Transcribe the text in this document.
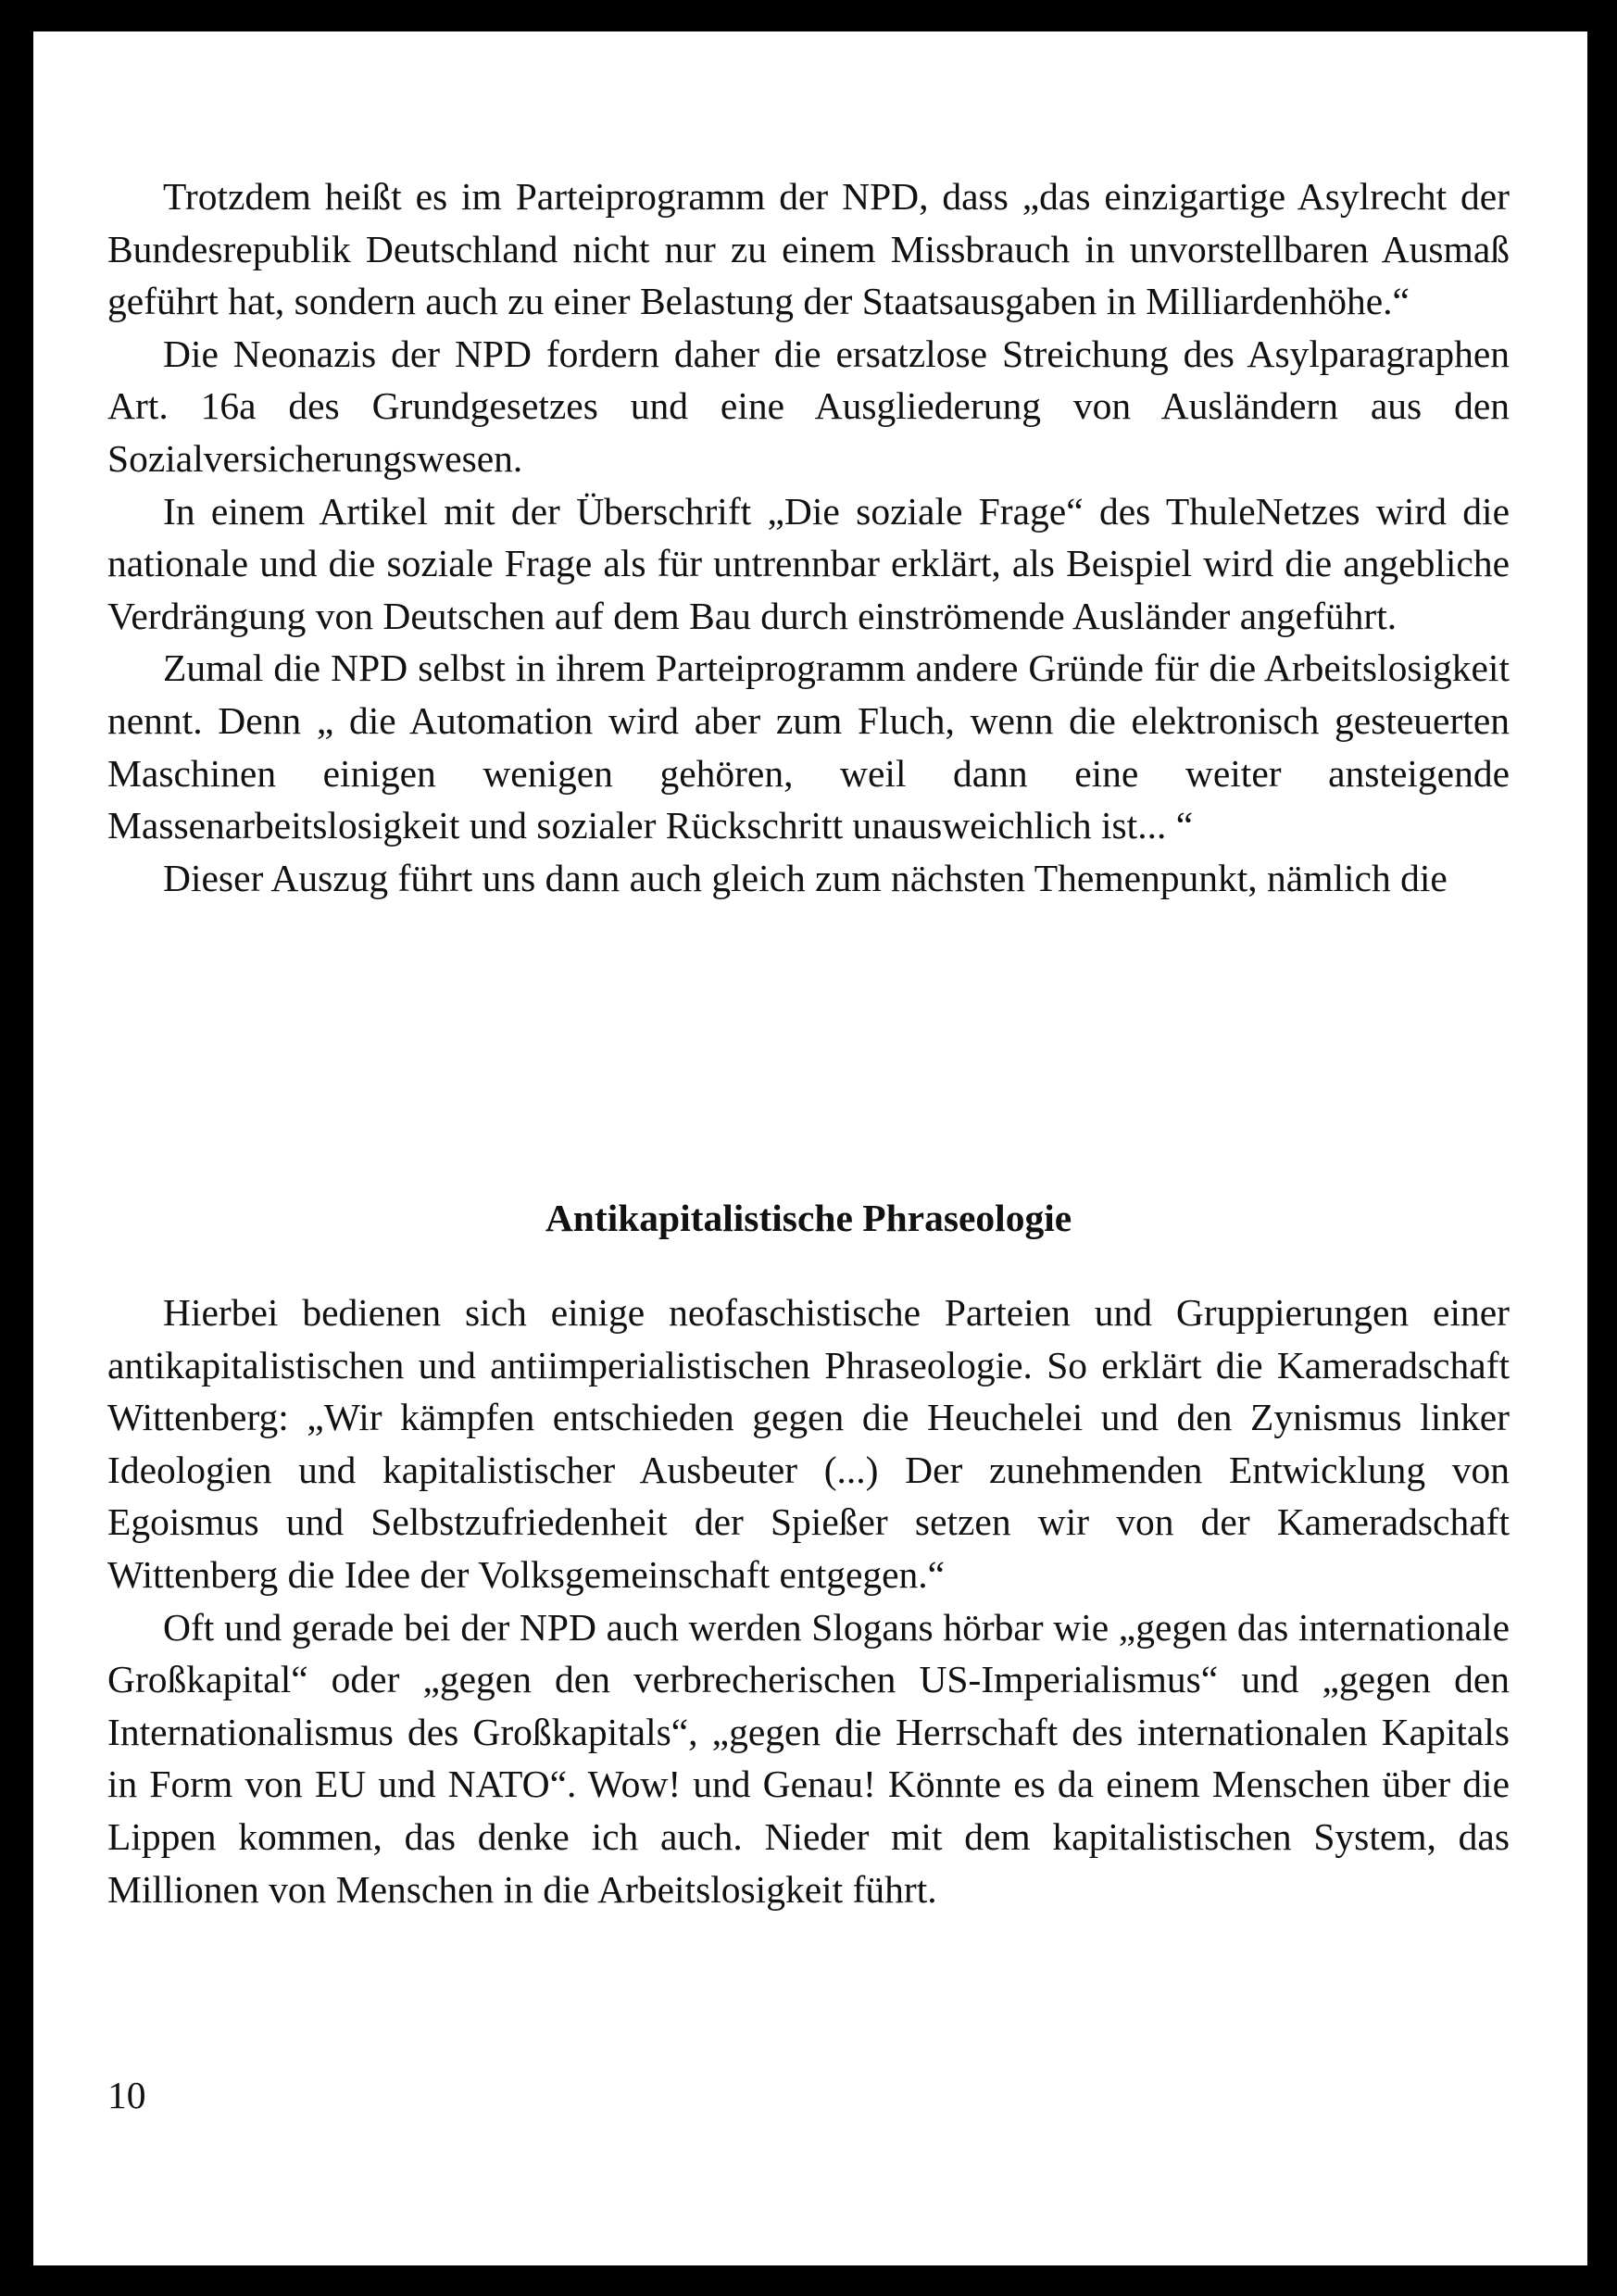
Trotzdem heißt es im Parteiprogramm der NPD, dass „das einzigartige Asylrecht der Bundesrepublik Deutschland nicht nur zu einem Missbrauch in unvorstellbaren Ausmaß geführt hat, sondern auch zu einer Belastung der Staatsausgaben in Milliardenhöhe.“

Die Neonazis der NPD fordern daher die ersatzlose Streichung des Asylparagraphen Art. 16a des Grundgesetzes und eine Ausgliederung von Ausländern aus den Sozialversicherungswesen.

In einem Artikel mit der Überschrift „Die soziale Frage“ des ThuleNetzes wird die nationale und die soziale Frage als für untrennbar erklärt, als Beispiel wird die angebliche Verdrängung von Deutschen auf dem Bau durch einströmende Ausländer angeführt.

Zumal die NPD selbst in ihrem Parteiprogramm andere Gründe für die Arbeitslosigkeit nennt. Denn „ die Automation wird aber zum Fluch, wenn die elektronisch gesteuerten Maschinen einigen wenigen gehören, weil dann eine weiter ansteigende Massenarbeitslosigkeit und sozialer Rückschritt unausweichlich ist... “

Dieser Auszug führt uns dann auch gleich zum nächsten Themenpunkt, nämlich die

Antikapitalistische Phraseologie

Hierbei bedienen sich einige neofaschistische Parteien und Gruppierungen einer antikapitalistischen und antiimperialistischen Phraseologie. So erklärt die Kameradschaft Wittenberg: „Wir kämpfen entschieden gegen die Heuchelei und den Zynismus linker Ideologien und kapitalistischer Ausbeuter (...) Der zunehmenden Entwicklung von Egoismus und Selbstzufriedenheit der Spießer setzen wir von der Kameradschaft Wittenberg die Idee der Volksgemeinschaft entgegen.“

Oft und gerade bei der NPD auch werden Slogans hörbar wie „gegen das internationale Großkapital“ oder „gegen den verbrecherischen US-Imperialismus“ und „gegen den Internationalismus des Großkapitals“, „gegen die Herrschaft des internationalen Kapitals in Form von EU und NATO“. Wow! und Genau! Könnte es da einem Menschen über die Lippen kommen, das denke ich auch. Nieder mit dem kapitalistischen System, das Millionen von Menschen in die Arbeitslosigkeit führt.

10
